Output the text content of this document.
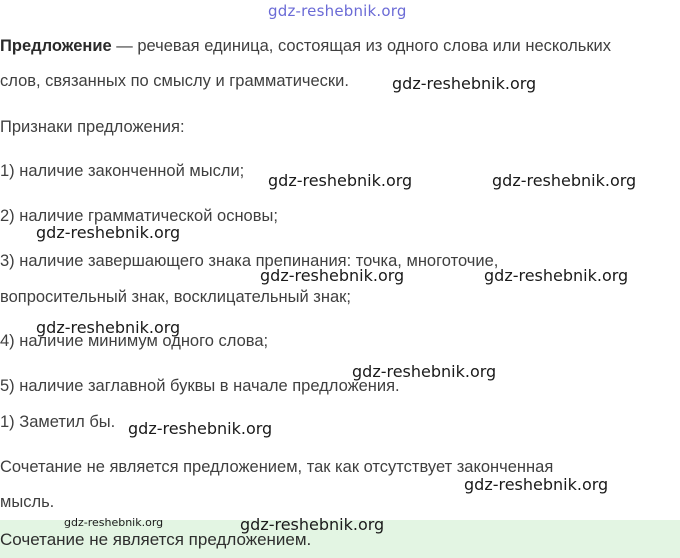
gdz-reshebnik.org
Предложение — речевая единица, состоящая из одного слова или нескольких
слов, связанных по смыслу и грамматически.
Признаки предложения:
1) наличие законченной мысли;
2) наличие грамматической основы;
3) наличие завершающего знака препинания: точка, многоточие,
вопросительный знак, восклицательный знак;
4) наличие минимум одного слова;
5) наличие заглавной буквы в начале предложения.
1) Заметил бы.
Сочетание не является предложением, так как отсутствует законченная
мысль.
Сочетание не является предложением.
gdz-reshebnik.org
gdz-reshebnik.org	gdz-reshebnik.org
gdz-reshebnik.org
gdz-reshebnik.org	gdz-reshebnik.org
gdz-reshebnik.org
gdz-reshebnik.org
gdz-reshebnik.org
gdz-reshebnik.org
gdz-reshebnik.org	gdz-reshebnik.org
